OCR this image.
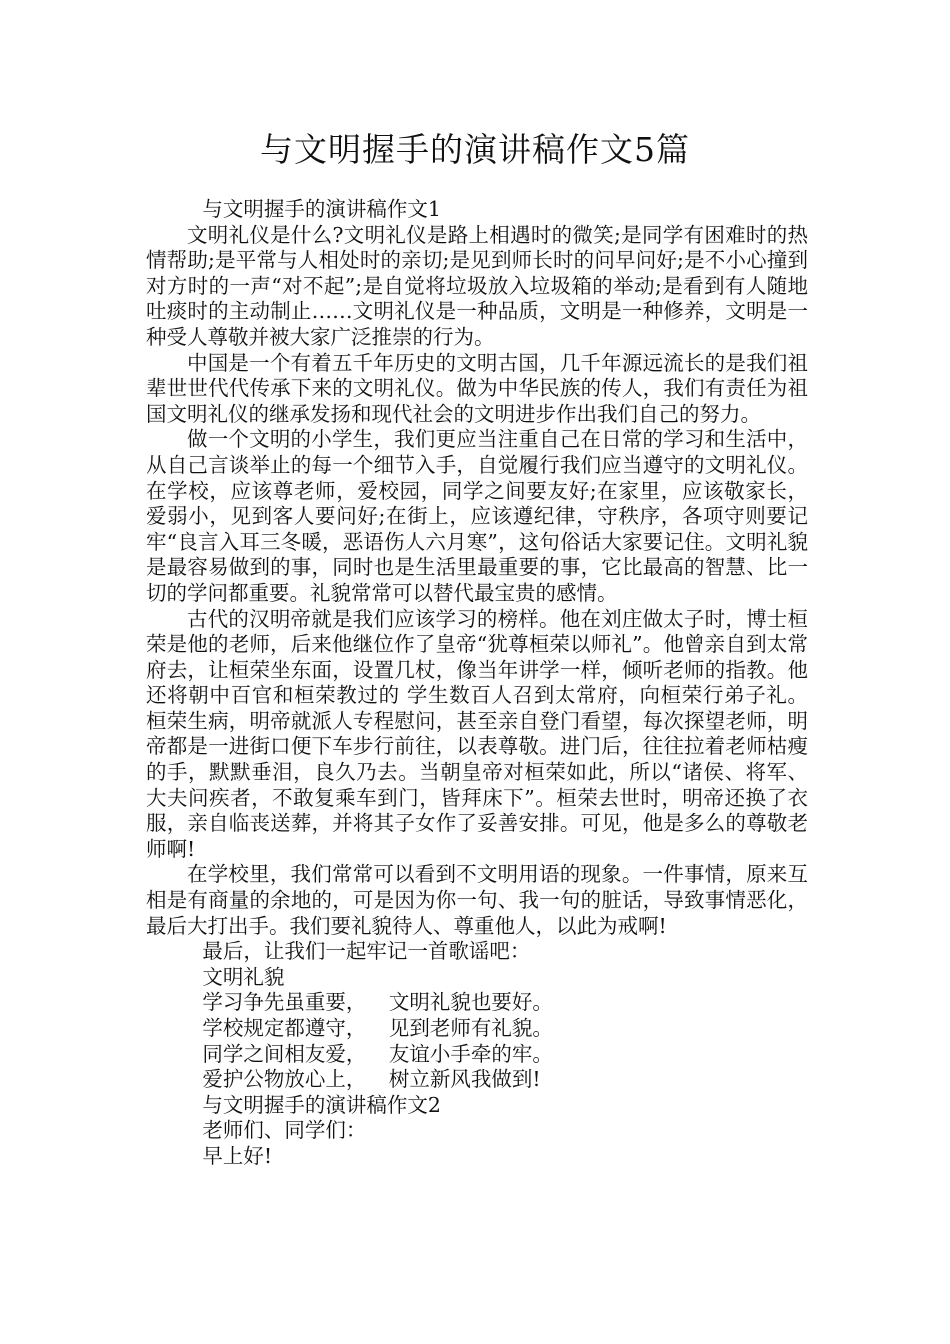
与文明握手的演讲稿作文5篇

与文明握手的演讲稿作文1

文明礼仪是什么?文明礼仪是路上相遇时的微笑;是同学有困难时的热情帮助;是平常与人相处时的亲切;是见到师长时的问早问好;是不小心撞到对方时的一声“对不起”;是自觉将垃圾放入垃圾箱的举动;是看到有人随地吐痰时的主动制止……文明礼仪是一种品质，文明是一种修养，文明是一种受人尊敬并被大家广泛推崇的行为。

中国是一个有着五千年历史的文明古国，几千年源远流长的是我们祖辈世世代代传承下来的文明礼仪。做为中华民族的传人，我们有责任为祖国文明礼仪的继承发扬和现代社会的文明进步作出我们自己的努力。

做一个文明的小学生，我们更应当注重自己在日常的学习和生活中，从自己言谈举止的每一个细节入手，自觉履行我们应当遵守的文明礼仪。在学校，应该尊老师，爱校园，同学之间要友好;在家里，应该敬家长，爱弱小，见到客人要问好;在街上，应该遵纪律，守秩序，各项守则要记牢“良言入耳三冬暖，恶语伤人六月寒”，这句俗话大家要记住。文明礼貌是最容易做到的事，同时也是生活里最重要的事，它比最高的智慧、比一切的学问都重要。礼貌常常可以替代最宝贵的感情。

古代的汉明帝就是我们应该学习的榜样。他在刘庄做太子时，博士桓荣是他的老师，后来他继位作了皇帝“犹尊桓荣以师礼”。他曾亲自到太常府去，让桓荣坐东面，设置几杖，像当年讲学一样，倾听老师的指教。他还将朝中百官和桓荣教过的 学生数百人召到太常府，向桓荣行弟子礼。桓荣生病，明帝就派人专程慰问，甚至亲自登门看望，每次探望老师，明帝都是一进街口便下车步行前往，以表尊敬。进门后，往往拉着老师枯瘦的手，默默垂泪，良久乃去。当朝皇帝对桓荣如此，所以“诸侯、将军、大夫问疾者，不敢复乘车到门，皆拜床下”。桓荣去世时，明帝还换了衣服，亲自临丧送葬，并将其子女作了妥善安排。可见，他是多么的尊敬老师啊!

在学校里，我们常常可以看到不文明用语的现象。一件事情，原来互相是有商量的余地的，可是因为你一句、我一句的脏话，导致事情恶化，最后大打出手。我们要礼貌待人、尊重他人，以此为戒啊!

最后，让我们一起牢记一首歌谣吧：

文明礼貌

学习争先虽重要， 文明礼貌也要好。

学校规定都遵守， 见到老师有礼貌。

同学之间相友爱， 友谊小手牵的牢。

爱护公物放心上， 树立新风我做到!

与文明握手的演讲稿作文2

老师们、同学们：

早上好!
